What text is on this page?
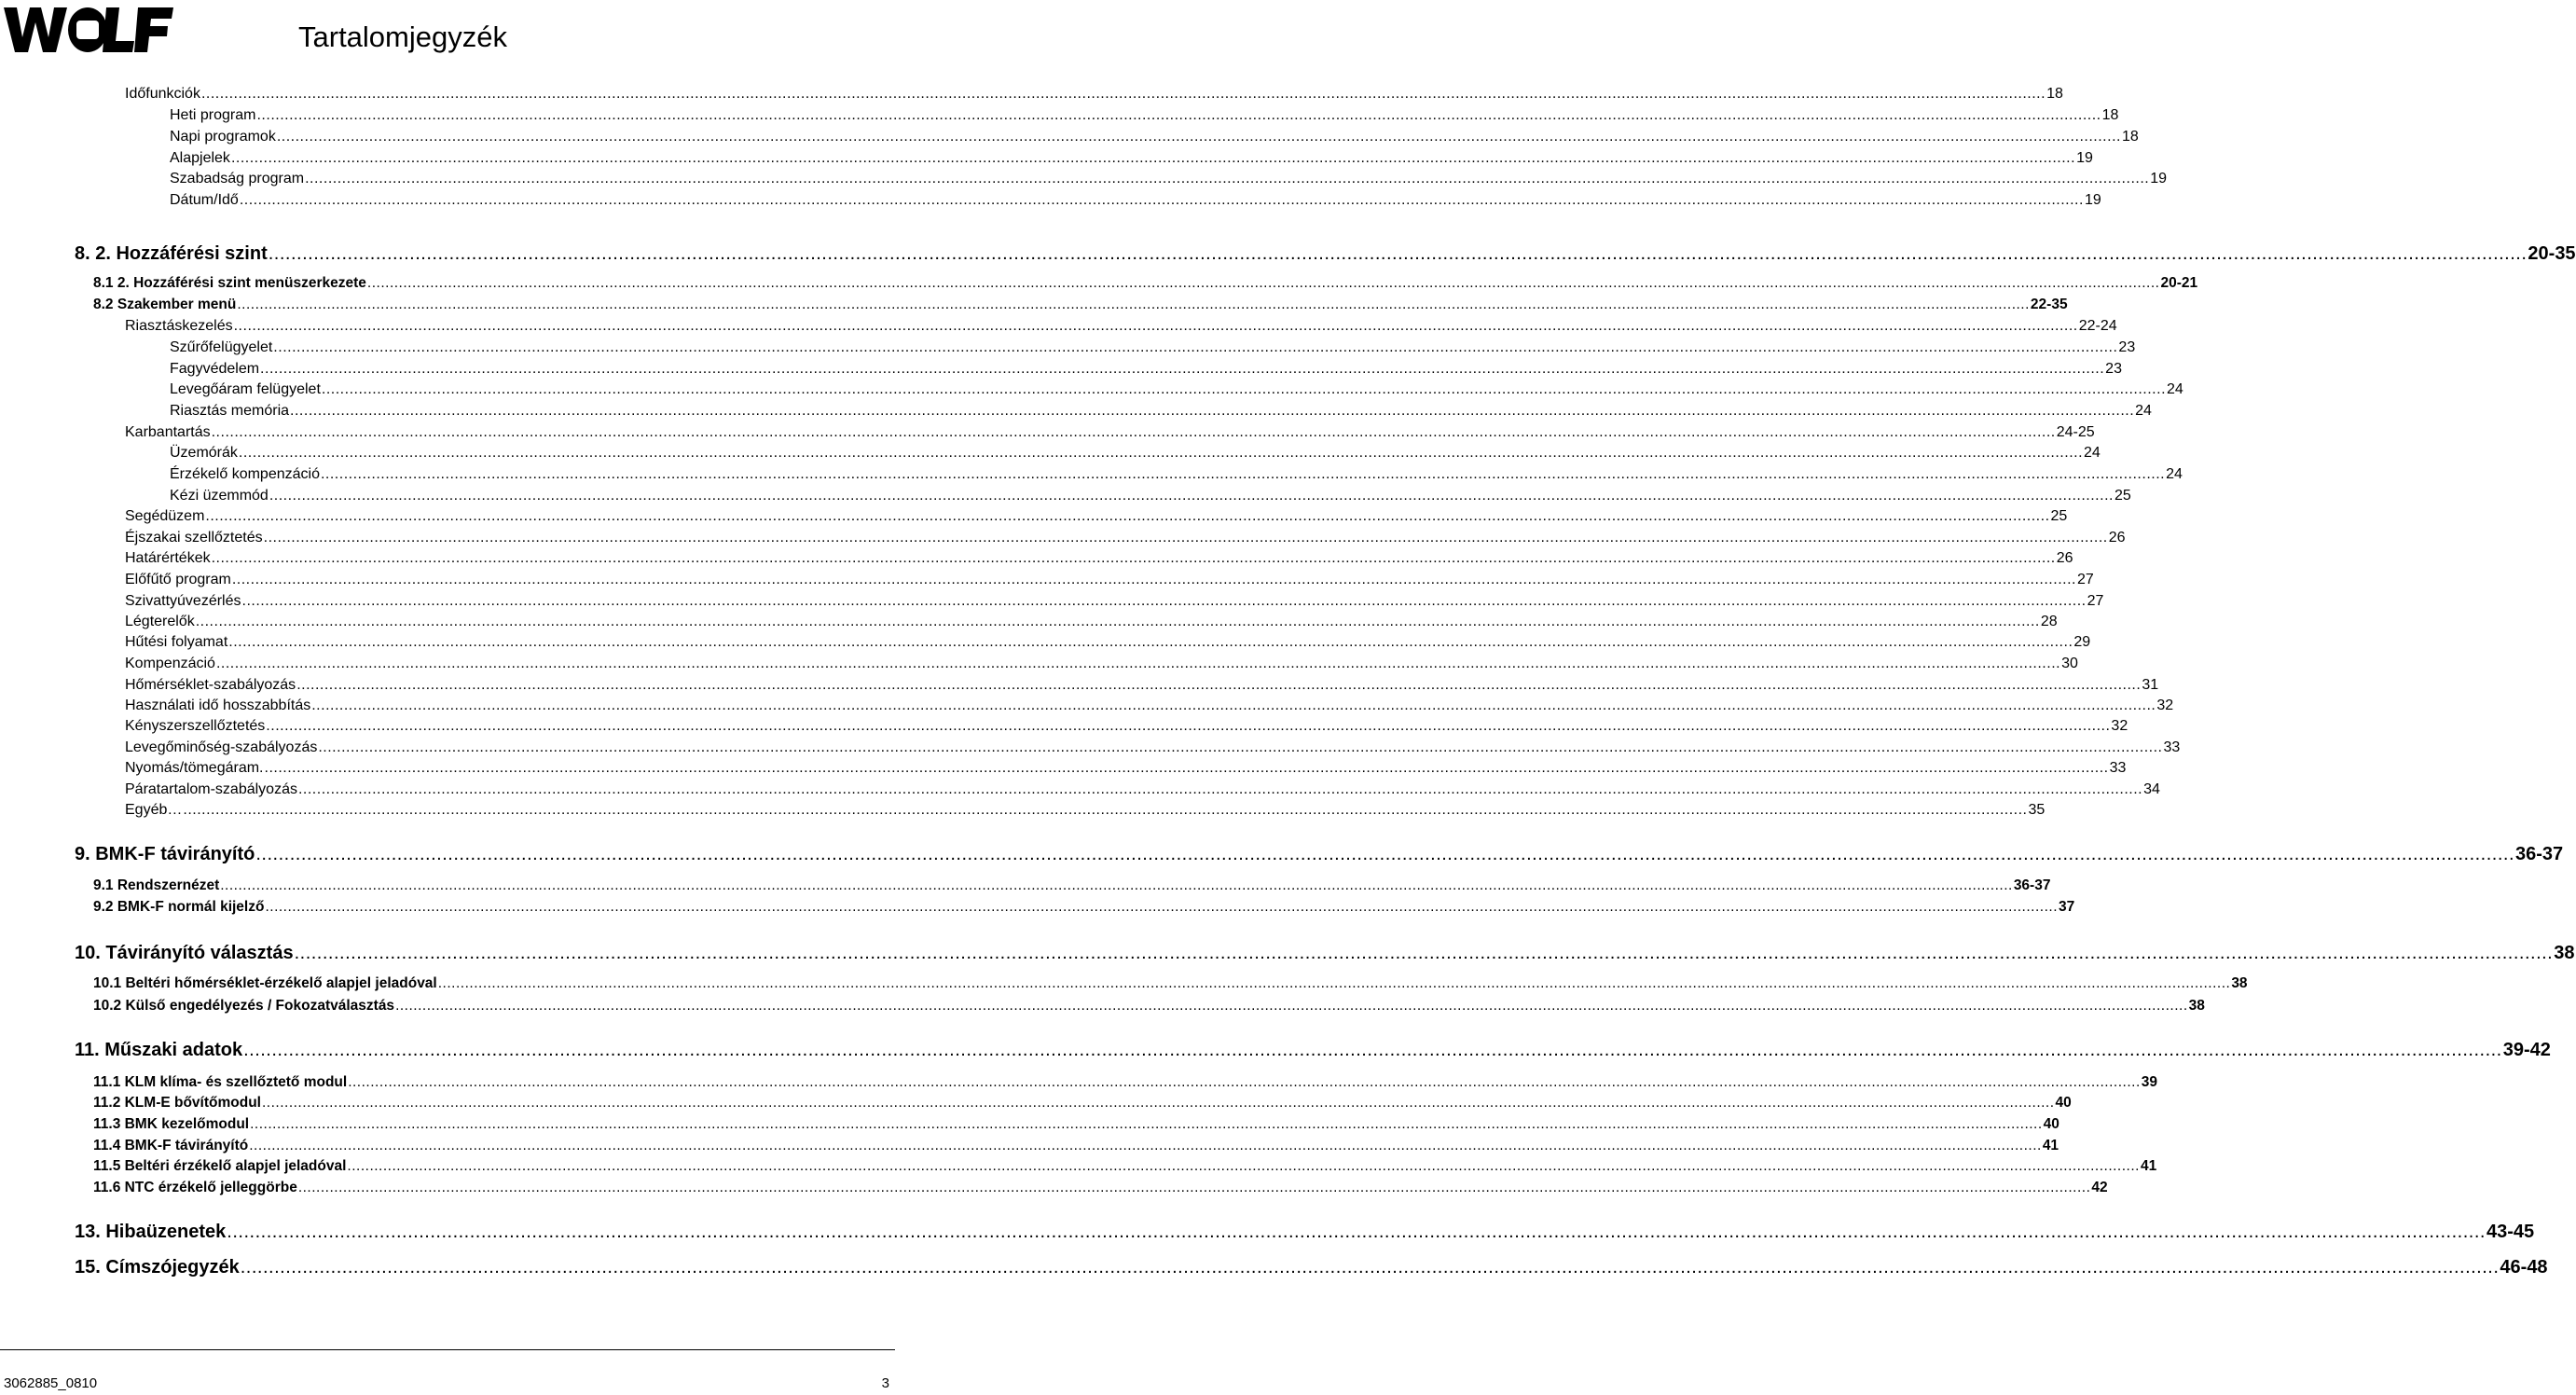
Tartalomjegyzék
Időfunkciók ................................................................................................................................................................................................................................................................................................................................................................................................................ 18
Heti program ................................................................................................................................................................................................................................................................................................................................................................................................................ 18
Napi programok ................................................................................................................................................................................................................................................................................................................................................................................................................ 18
Alapjelek ................................................................................................................................................................................................................................................................................................................................................................................................................ 19
Szabadság program ................................................................................................................................................................................................................................................................................................................................................................................................................ 19
Dátum/Idő ................................................................................................................................................................................................................................................................................................................................................................................................................ 19
8. 2. Hozzáférési szint ................................................................................................................................................................................................................................................................................................................................................................................................................ 20-35
8.1 2. Hozzáférési szint menüszerkezete ................................................................................................................................................................................................................................................................................................................................................................................................................ 20-21
8.2 Szakember menü ................................................................................................................................................................................................................................................................................................................................................................................................................ 22-35
Riasztáskezelés ................................................................................................................................................................................................................................................................................................................................................................................................................ 22-24
Szűrőfelügyelet ................................................................................................................................................................................................................................................................................................................................................................................................................ 23
Fagyvédelem ................................................................................................................................................................................................................................................................................................................................................................................................................ 23
Levegőáram felügyelet ................................................................................................................................................................................................................................................................................................................................................................................................................ 24
Riasztás memória ................................................................................................................................................................................................................................................................................................................................................................................................................ 24
Karbantartás ................................................................................................................................................................................................................................................................................................................................................................................................................ 24-25
Üzemórák ................................................................................................................................................................................................................................................................................................................................................................................................................ 24
Érzékelő kompenzáció ................................................................................................................................................................................................................................................................................................................................................................................................................ 24
Kézi üzemmód ................................................................................................................................................................................................................................................................................................................................................................................................................ 25
Segédüzem ................................................................................................................................................................................................................................................................................................................................................................................................................ 25
Éjszakai szellőztetés ................................................................................................................................................................................................................................................................................................................................................................................................................ 26
Határértékek ................................................................................................................................................................................................................................................................................................................................................................................................................ 26
Előfűtő program ................................................................................................................................................................................................................................................................................................................................................................................................................ 27
Szivattyúvezérlés ................................................................................................................................................................................................................................................................................................................................................................................................................ 27
Légterelők ................................................................................................................................................................................................................................................................................................................................................................................................................ 28
Hűtési folyamat ................................................................................................................................................................................................................................................................................................................................................................................................................ 29
Kompenzáció ................................................................................................................................................................................................................................................................................................................................................................................................................ 30
Hőmérséklet-szabályozás ................................................................................................................................................................................................................................................................................................................................................................................................................ 31
Használati idő hosszabbítás ................................................................................................................................................................................................................................................................................................................................................................................................................ 32
Kényszerszellőztetés ................................................................................................................................................................................................................................................................................................................................................................................................................ 32
Levegőminőség-szabályozás ................................................................................................................................................................................................................................................................................................................................................................................................................ 33
Nyomás/tömegáram. ................................................................................................................................................................................................................................................................................................................................................................................................................ 33
Páratartalom-szabályozás ................................................................................................................................................................................................................................................................................................................................................................................................................ 34
Egyéb… ................................................................................................................................................................................................................................................................................................................................................................................................................ 35
9. BMK-F távirányító ................................................................................................................................................................................................................................................................................................................................................................................................................ 36-37
9.1 Rendszernézet ................................................................................................................................................................................................................................................................................................................................................................................................................ 36-37
9.2 BMK-F normál kijelző ................................................................................................................................................................................................................................................................................................................................................................................................................ 37
10. Távirányító választás ................................................................................................................................................................................................................................................................................................................................................................................................................ 38
10.1 Beltéri hőmérséklet-érzékelő alapjel jeladóval ................................................................................................................................................................................................................................................................................................................................................................................................................ 38
10.2 Külső engedélyezés / Fokozatválasztás ................................................................................................................................................................................................................................................................................................................................................................................................................ 38
11. Műszaki adatok ................................................................................................................................................................................................................................................................................................................................................................................................................ 39-42
11.1 KLM klíma- és szellőztető modul ................................................................................................................................................................................................................................................................................................................................................................................................................ 39
11.2 KLM-E bővítőmodul ................................................................................................................................................................................................................................................................................................................................................................................................................ 40
11.3 BMK kezelőmodul ................................................................................................................................................................................................................................................................................................................................................................................................................ 40
11.4 BMK-F távirányító ................................................................................................................................................................................................................................................................................................................................................................................................................ 41
11.5 Beltéri érzékelő alapjel jeladóval ................................................................................................................................................................................................................................................................................................................................................................................................................ 41
11.6 NTC érzékelő jelleggörbe ................................................................................................................................................................................................................................................................................................................................................................................................................ 42
13. Hibaüzenetek ................................................................................................................................................................................................................................................................................................................................................................................................................ 43-45
15. Címszójegyzék ................................................................................................................................................................................................................................................................................................................................................................................................................ 46-48
3062885_0810	3
